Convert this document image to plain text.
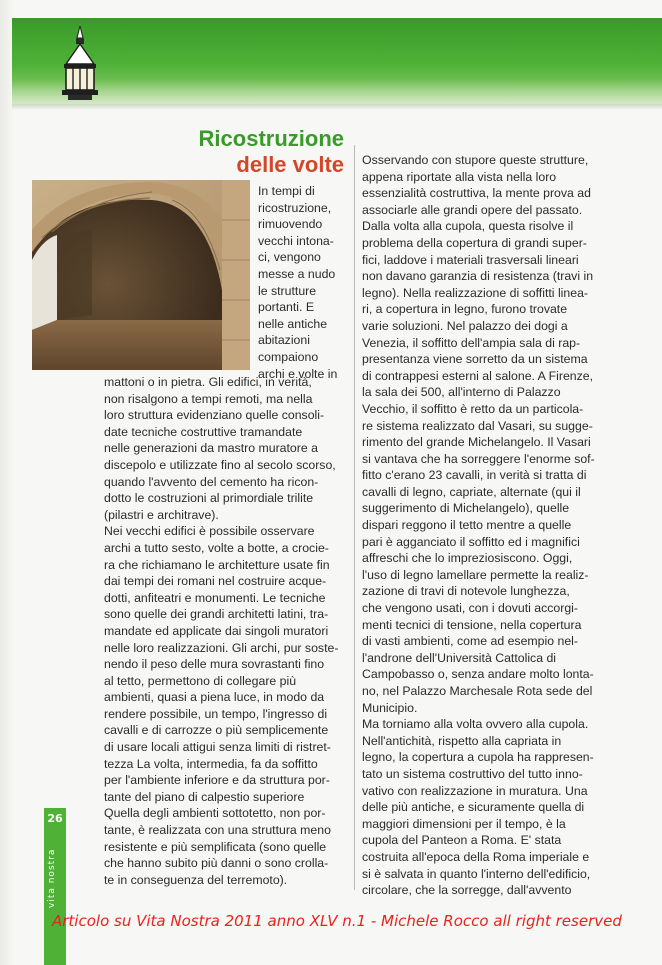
Ricostruzione
delle volte
In tempi di
ricostruzione,
rimuovendo
vecchi intona-
ci, vengono
messe a nudo
le strutture
portanti. E
nelle antiche
abitazioni
compaiono
archi e volte in
mattoni o in pietra. Gli edifici, in verità,
non risalgono a tempi remoti, ma nella
loro struttura evidenziano quelle consoli-
date tecniche costruttive tramandate
nelle generazioni da mastro muratore a
discepolo e utilizzate fino al secolo scorso,
quando l'avvento del cemento ha ricon-
dotto le costruzioni al primordiale trilite
(pilastri e architrave).
Nei vecchi edifici è possibile osservare
archi a tutto sesto, volte a botte, a crocie-
ra che richiamano le architetture usate fin
dai tempi dei romani nel costruire acque-
dotti, anfiteatri e monumenti. Le tecniche
sono quelle dei grandi architetti latini, tra-
mandate ed applicate dai singoli muratori
nelle loro realizzazioni. Gli archi, pur soste-
nendo il peso delle mura sovrastanti fino
al tetto, permettono di collegare più
ambienti, quasi a piena luce, in modo da
rendere possibile, un tempo, l'ingresso di
cavalli e di carrozze o più semplicemente
di usare locali attigui senza limiti di ristret-
tezza La volta, intermedia, fa da soffitto
per l'ambiente inferiore e da struttura por-
tante del piano di calpestio superiore
Quella degli ambienti sottotetto, non por-
tante, è realizzata con una struttura meno
resistente e più semplificata (sono quelle
che hanno subito più danni o sono crolla-
te in conseguenza del terremoto).
Osservando con stupore queste strutture,
appena riportate alla vista nella loro
essenzialità costruttiva, la mente prova ad
associarle alle grandi opere del passato.
Dalla volta alla cupola, questa risolve il
problema della copertura di grandi super-
fici, laddove i materiali trasversali lineari
non davano garanzia di resistenza (travi in
legno). Nella realizzazione di soffitti linea-
ri, a copertura in legno, furono trovate
varie soluzioni. Nel palazzo dei dogi a
Venezia, il soffitto dell'ampia sala di rap-
presentanza viene sorretto da un sistema
di contrappesi esterni al salone. A Firenze,
la sala dei 500, all'interno di Palazzo
Vecchio, il soffitto è retto da un particola-
re sistema realizzato dal Vasari, su sugge-
rimento del grande Michelangelo. Il Vasari
si vantava che ha sorreggere l'enorme sof-
fitto c'erano 23 cavalli, in verità si tratta di
cavalli di legno, capriate, alternate (qui il
suggerimento di Michelangelo), quelle
dispari reggono il tetto mentre a quelle
pari è agganciato il soffitto ed i magnifici
affreschi che lo impreziosiscono. Oggi,
l'uso di legno lamellare permette la realiz-
zazione di travi di notevole lunghezza,
che vengono usati, con i dovuti accorgi-
menti tecnici di tensione, nella copertura
di vasti ambienti, come ad esempio nel-
l'androne dell'Università Cattolica di
Campobasso o, senza andare molto lonta-
no, nel Palazzo Marchesale Rota sede del
Municipio.
Ma torniamo alla volta ovvero alla cupola.
Nell'antichità, rispetto alla capriata in
legno, la copertura a cupola ha rappresen-
tato un sistema costruttivo del tutto inno-
vativo con realizzazione in muratura. Una
delle più antiche, e sicuramente quella di
maggiori dimensioni per il tempo, è la
cupola del Panteon a Roma. E' stata
costruita all'epoca della Roma imperiale e
si è salvata in quanto l'interno dell'edificio,
circolare, che la sorregge, dall'avvento
26
vita nostra
Articolo su Vita Nostra 2011 anno XLV n.1 - Michele Rocco all right reserved
